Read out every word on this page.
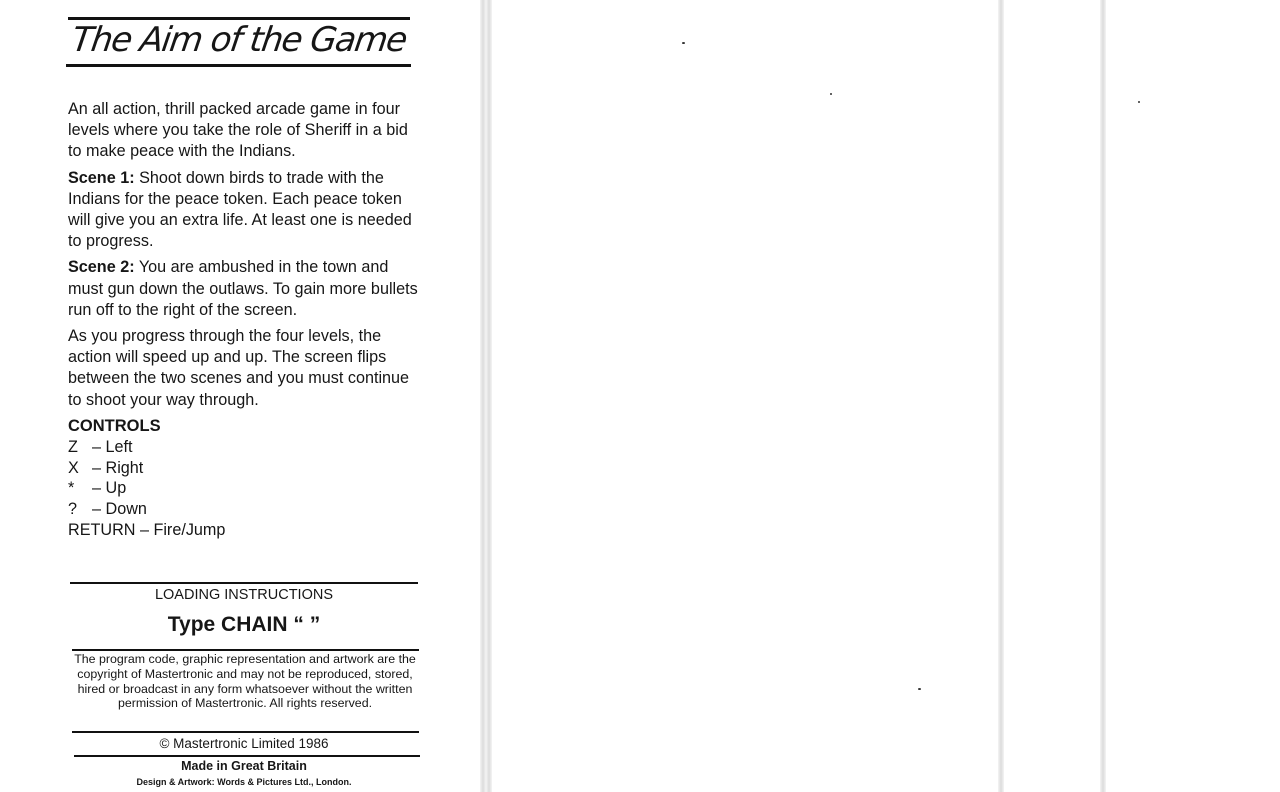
The Aim of the Game

An all action, thrill packed arcade game in four levels where you take the role of Sheriff in a bid to make peace with the Indians.

Scene 1: Shoot down birds to trade with the Indians for the peace token. Each peace token will give you an extra life. At least one is needed to progress.

Scene 2: You are ambushed in the town and must gun down the outlaws. To gain more bullets run off to the right of the screen.

As you progress through the four levels, the action will speed up and up. The screen flips between the two scenes and you must continue to shoot your way through.

CONTROLS
Z – Left
X – Right
*	– Up
? – Down
RETURN – Fire/Jump
LOADING INSTRUCTIONS
Type CHAIN “ ”
The program code, graphic representation and artwork are the copyright of Mastertronic and may not be reproduced, stored, hired or broadcast in any form whatsoever without the written permission of Mastertronic. All rights reserved.
© Mastertronic Limited 1986
Made in Great Britain
Design & Artwork: Words & Pictures Ltd., London.
